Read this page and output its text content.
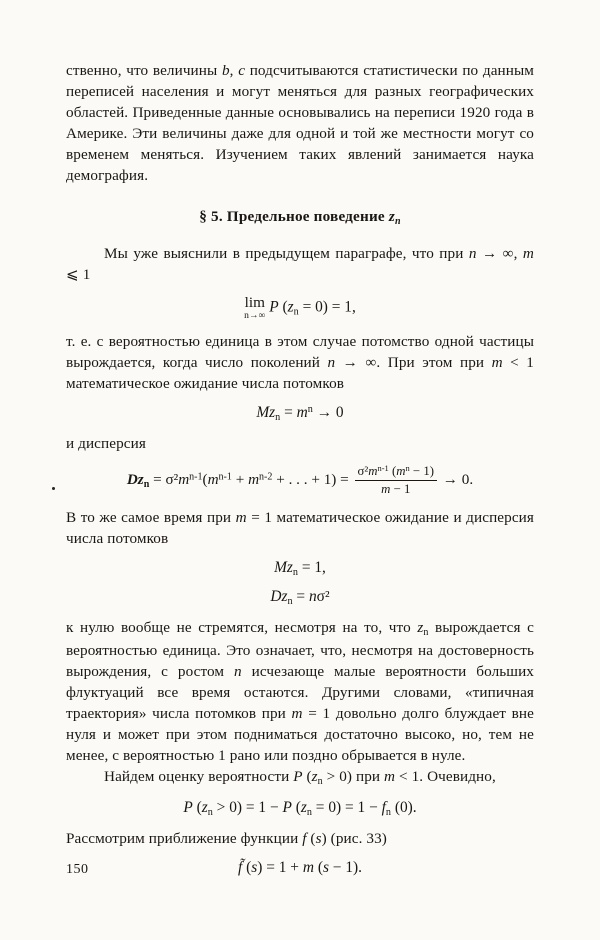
ственно, что величины b, c подсчитываются статистически по данным переписей населения и могут меняться для разных географических областей. Приведенные данные основывались на переписи 1920 года в Америке. Эти величины даже для одной и той же местности могут со временем меняться. Изучением таких явлений занимается наука демография.

§ 5. Предельное поведение $z_n$

Мы уже выяснили в предыдущем параграфе, что при n → ∞, m ⩽ 1

lim
n→∞
P $(z_n = 0) = 1$,

т. е. с вероятностью единица в этом случае потомство одной частицы вырождается, когда число поколений n → ∞. При этом при m < 1 математическое ожидание числа потомков

$Mz_n = m^n \to 0$

и дисперсия

$Dz_n = \sigma^2m^{n-1}(m^{n-1} + m^{n-2}$ + . . . + $1) = \frac{\sigma^2m^{n-1} (m^n - 1)}{m - 1} \to 0$.

В то же самое время при m = 1 математическое ожидание и дисперсия числа потомков

$Mz_n = 1$,
$Dz_n = n\sigma^2$

к нулю вообще не стремятся, несмотря на то, что $z_n$ вырождается с вероятностью единица. Это означает, что, несмотря на достоверность вырождения, с ростом n исчезающе малые вероятности больших флуктуаций все время остаются. Другими словами, «типичная траектория» числа потомков при m = 1 довольно долго блуждает вне нуля и может при этом подниматься достаточно высоко, но, тем не менее, с вероятностью 1 рано или поздно обрывается в нуле.

Найдем оценку вероятности P $(z_n > 0)$ при m < 1. Очевидно,

P $(z_n > 0) = 1 - P$ $(z_n = 0) = 1 - f_n$ (0).

Рассмотрим приближение функции f (s) (рис. 33)

f̃ (s) = 1 + m (s − 1).
150
